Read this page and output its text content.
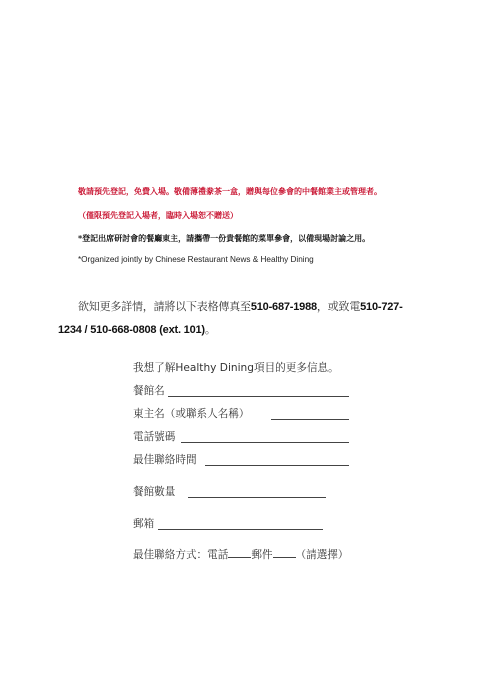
敬請預先登記，免費入場。敬備薄禮豢茶一盒，贈與每位參會的中餐館業主或管理者。
（僅限預先登記入場者，臨時入場恕不贈送）
*登記出席研討會的餐廳東主，請攜帶一份貴餐館的菜單參會，以備現場討論之用。
*Organized jointly by Chinese Restaurant News & Healthy Dining
欲知更多詳情，請將以下表格傳真至510-687-1988，或致電510-727-
1234 / 510-668-0808 (ext. 101)。
我想了解Healthy Dining項目的更多信息。
餐館名
東主名（或聯系人名稱）
電話號碼
最佳聯絡時間
餐館數量
郵箱
最佳聯絡方式：電話 郵件 （請選擇）
